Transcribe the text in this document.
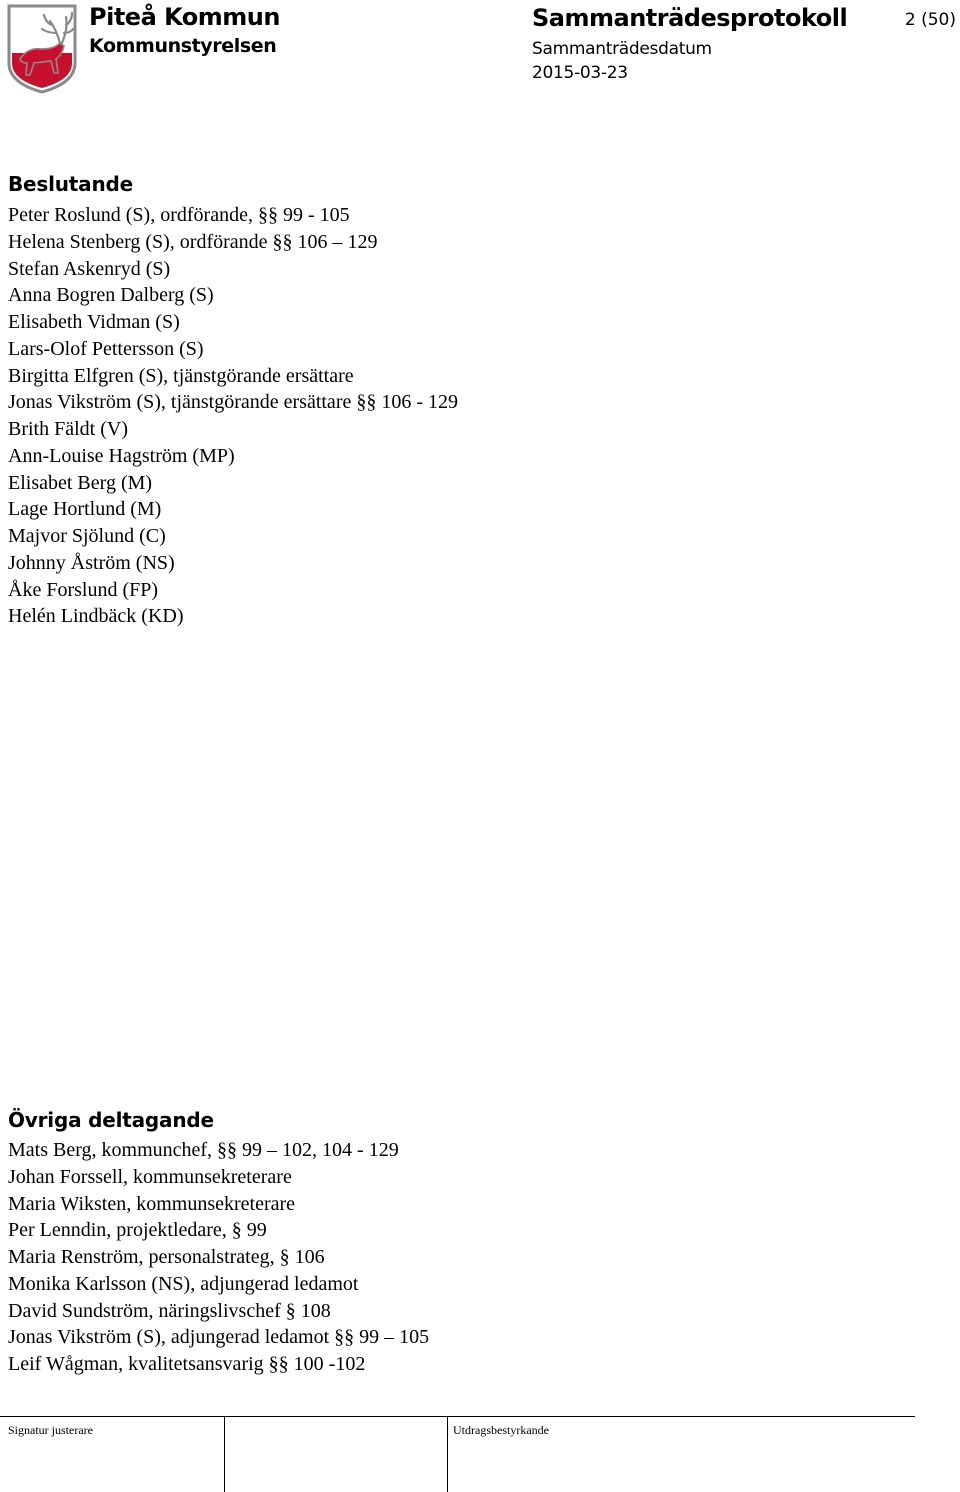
Piteå Kommun
Kommunstyrelsen
Sammanträdesprotokoll
Sammanträdesdatum
2015-03-23
2 (50)
Beslutande
Peter Roslund (S), ordförande, §§ 99 - 105
Helena Stenberg (S), ordförande §§ 106 – 129
Stefan Askenryd (S)
Anna Bogren Dalberg (S)
Elisabeth Vidman (S)
Lars-Olof Pettersson (S)
Birgitta Elfgren (S), tjänstgörande ersättare
Jonas Vikström (S), tjänstgörande ersättare §§ 106 - 129
Brith Fäldt (V)
Ann-Louise Hagström (MP)
Elisabet Berg (M)
Lage Hortlund (M)
Majvor Sjölund (C)
Johnny Åström (NS)
Åke Forslund (FP)
Helén Lindbäck (KD)
Övriga deltagande
Mats Berg, kommunchef, §§ 99 – 102, 104 - 129
Johan Forssell, kommunsekreterare
Maria Wiksten, kommunsekreterare
Per Lenndin, projektledare, § 99
Maria Renström, personalstrateg, § 106
Monika Karlsson (NS), adjungerad ledamot
David Sundström, näringslivschef § 108
Jonas Vikström (S), adjungerad ledamot §§ 99 – 105
Leif Wågman, kvalitetsansvarig §§ 100 -102
Signatur justerare	Utdragsbestyrkande
